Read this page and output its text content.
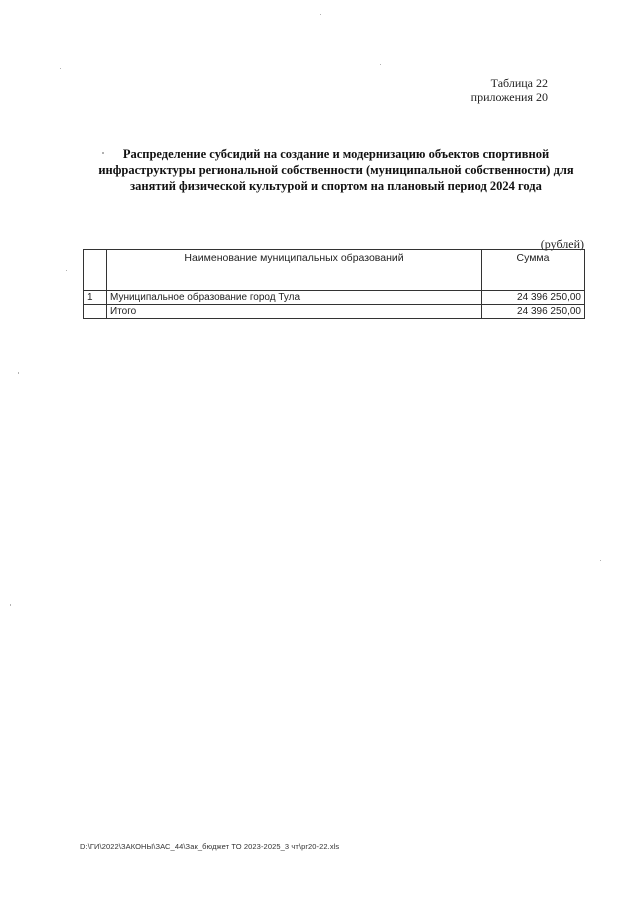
Таблица 22
приложения 20
Распределение субсидий на создание и модернизацию объектов спортивной
инфраструктуры региональной собственности (муниципальной собственности) для
занятий физической культурой и спортом на плановый период 2024 года
(рублей)
	Наименование муниципальных образований	Сумма
1	Муниципальное образование город Тула	24 396 250,00
	Итого	24 396 250,00
D:\ГИ\2022\ЗАКОНЫ\ЗАС_44\Зак_бюджет ТО 2023-2025_3 чт\pr20-22.xls
